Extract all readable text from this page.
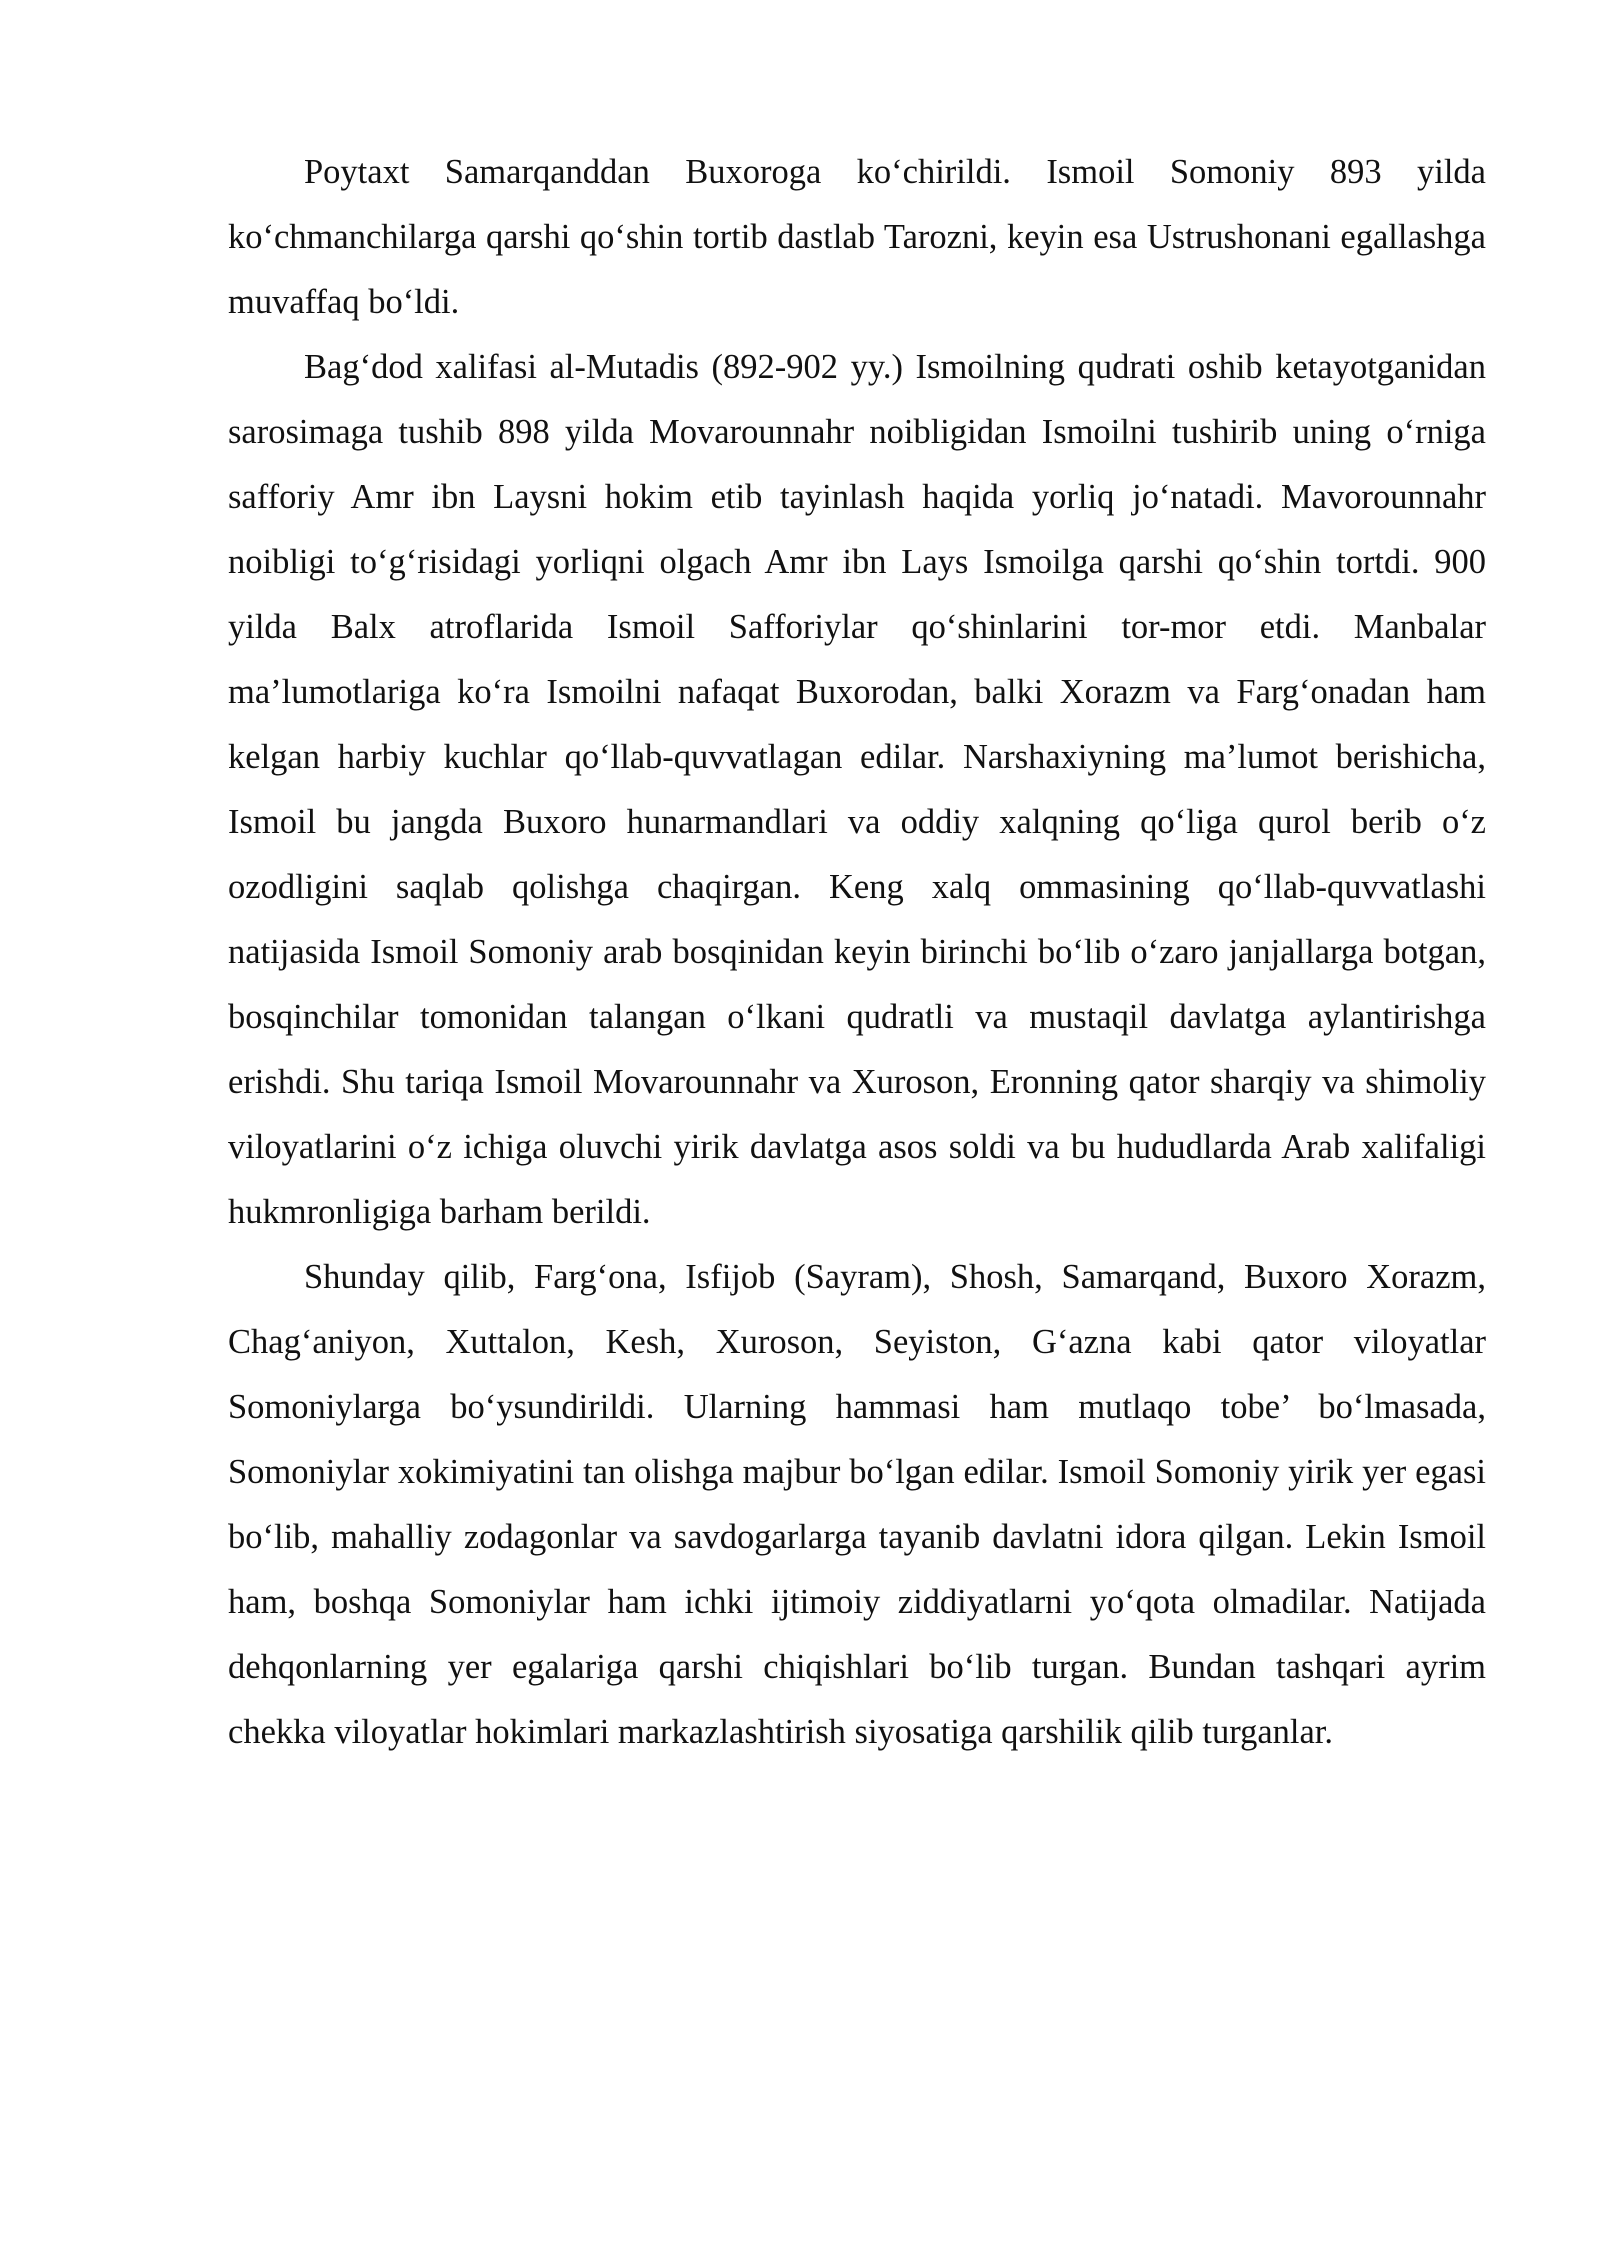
Poytaxt Samarqanddan Buxoroga ko‘chirildi. Ismoil Somoniy 893 yilda ko‘chmanchilarga qarshi qo‘shin tortib dastlab Tarozni, keyin esa Ustrushonani egallashga muvaffaq bo‘ldi.

Bag‘dod xalifasi al-Mutadis (892-902 yy.) Ismoilning qudrati oshib ketayotganidan sarosimaga tushib 898 yilda Movarounnahr noibligidan Ismoilni tushirib uning o‘rniga safforiy Amr ibn Laysni hokim etib tayinlash haqida yorliq jo‘natadi. Mavorounnahr noibligi to‘g‘risidagi yorliqni olgach Amr ibn Lays Ismoilga qarshi qo‘shin tortdi. 900 yilda Balx atroflarida Ismoil Safforiylar qo‘shinlarini tor-mor etdi. Manbalar ma’lumotlariga ko‘ra Ismoilni nafaqat Buxorodan, balki Xorazm va Farg‘onadan ham kelgan harbiy kuchlar qo‘llab-quvvatlagan edilar. Narshaxiyning ma’lumot berishicha, Ismoil bu jangda Buxoro hunarmandlari va oddiy xalqning qo‘liga qurol berib o‘z ozodligini saqlab qolishga chaqirgan. Keng xalq ommasining qo‘llab-quvvatlashi natijasida Ismoil Somoniy arab bosqinidan keyin birinchi bo‘lib o‘zaro janjallarga botgan, bosqinchilar tomonidan talangan o‘lkani qudratli va mustaqil davlatga aylantirishga erishdi. Shu tariqa Ismoil Movarounnahr va Xuroson, Eronning qator sharqiy va shimoliy viloyatlarini o‘z ichiga oluvchi yirik davlatga asos soldi va bu hududlarda Arab xalifaligi hukmronligiga barham berildi.

Shunday qilib, Farg‘ona, Isfijob (Sayram), Shosh, Samarqand, Buxoro Xorazm, Chag‘aniyon, Xuttalon, Kesh, Xuroson, Seyiston, G‘azna kabi qator viloyatlar Somoniylarga bo‘ysundirildi. Ularning hammasi ham mutlaqo tobe’ bo‘lmasada, Somoniylar xokimiyatini tan olishga majbur bo‘lgan edilar. Ismoil Somoniy yirik yer egasi bo‘lib, mahalliy zodagonlar va savdogarlarga tayanib davlatni idora qilgan. Lekin Ismoil ham, boshqa Somoniylar ham ichki ijtimoiy ziddiyatlarni yo‘qota olmadilar. Natijada dehqonlarning yer egalariga qarshi chiqishlari bo‘lib turgan. Bundan tashqari ayrim chekka viloyatlar hokimlari markazlashtirish siyosatiga qarshilik qilib turganlar.
